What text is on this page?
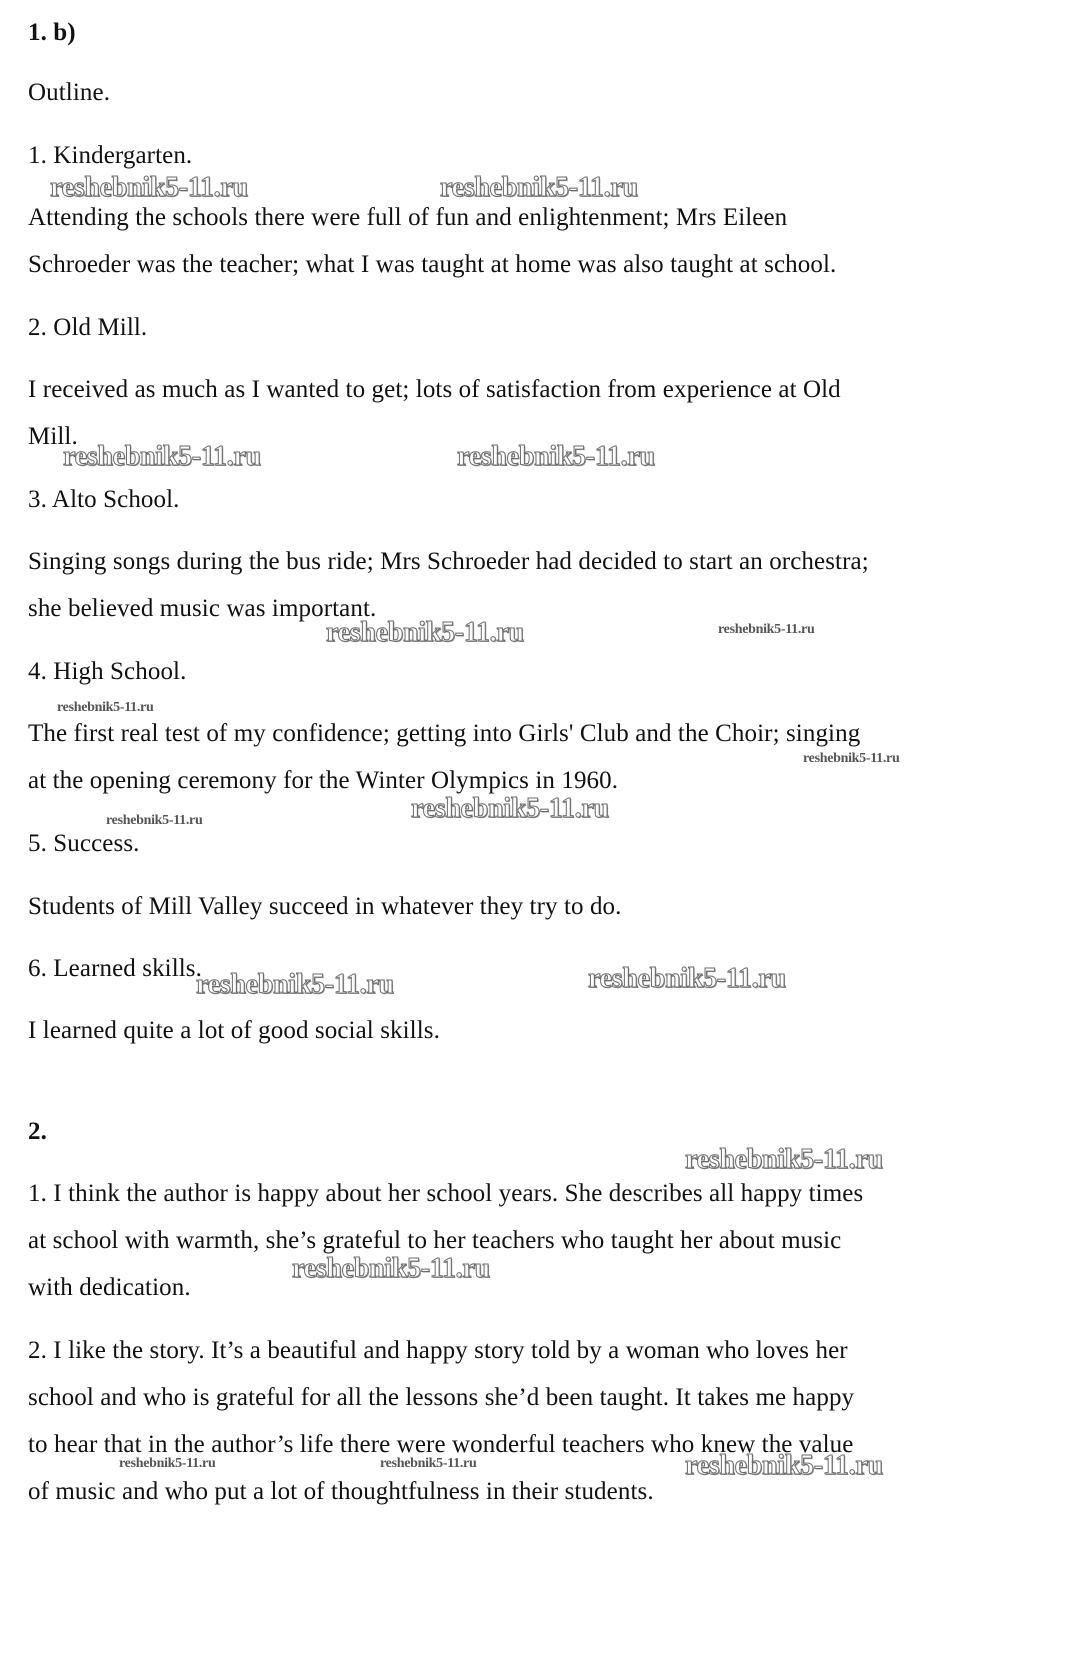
1. b)
Outline.
1. Kindergarten.
Attending the schools there were full of fun and enlightenment; Mrs Eileen
Schroeder was the teacher; what I was taught at home was also taught at school.
2. Old Mill.
I received as much as I wanted to get; lots of satisfaction from experience at Old
Mill.
3. Alto School.
Singing songs during the bus ride; Mrs Schroeder had decided to start an orchestra;
she believed music was important.
4. High School.
The first real test of my confidence; getting into Girls' Club and the Choir; singing
at the opening ceremony for the Winter Olympics in 1960.
5. Success.
Students of Mill Valley succeed in whatever they try to do.
6. Learned skills.
I learned quite a lot of good social skills.
2.
1. I think the author is happy about her school years. She describes all happy times
at school with warmth, she’s grateful to her teachers who taught her about music
with dedication.
2. I like the story. It’s a beautiful and happy story told by a woman who loves her
school and who is grateful for all the lessons she’d been taught. It takes me happy
to hear that in the author’s life there were wonderful teachers who knew the value
of music and who put a lot of thoughtfulness in their students.
reshebnik5-11.ru	reshebnik5-11.ru
reshebnik5-11.ru	reshebnik5-11.ru
reshebnik5-11.ru	reshebnik5-11.ru
reshebnik5-11.ru
reshebnik5-11.ru
reshebnik5-11.ru	reshebnik5-11.ru
reshebnik5-11.ru	reshebnik5-11.ru
reshebnik5-11.ru
reshebnik5-11.ru
reshebnik5-11.ru	reshebnik5-11.ru	reshebnik5-11.ru
